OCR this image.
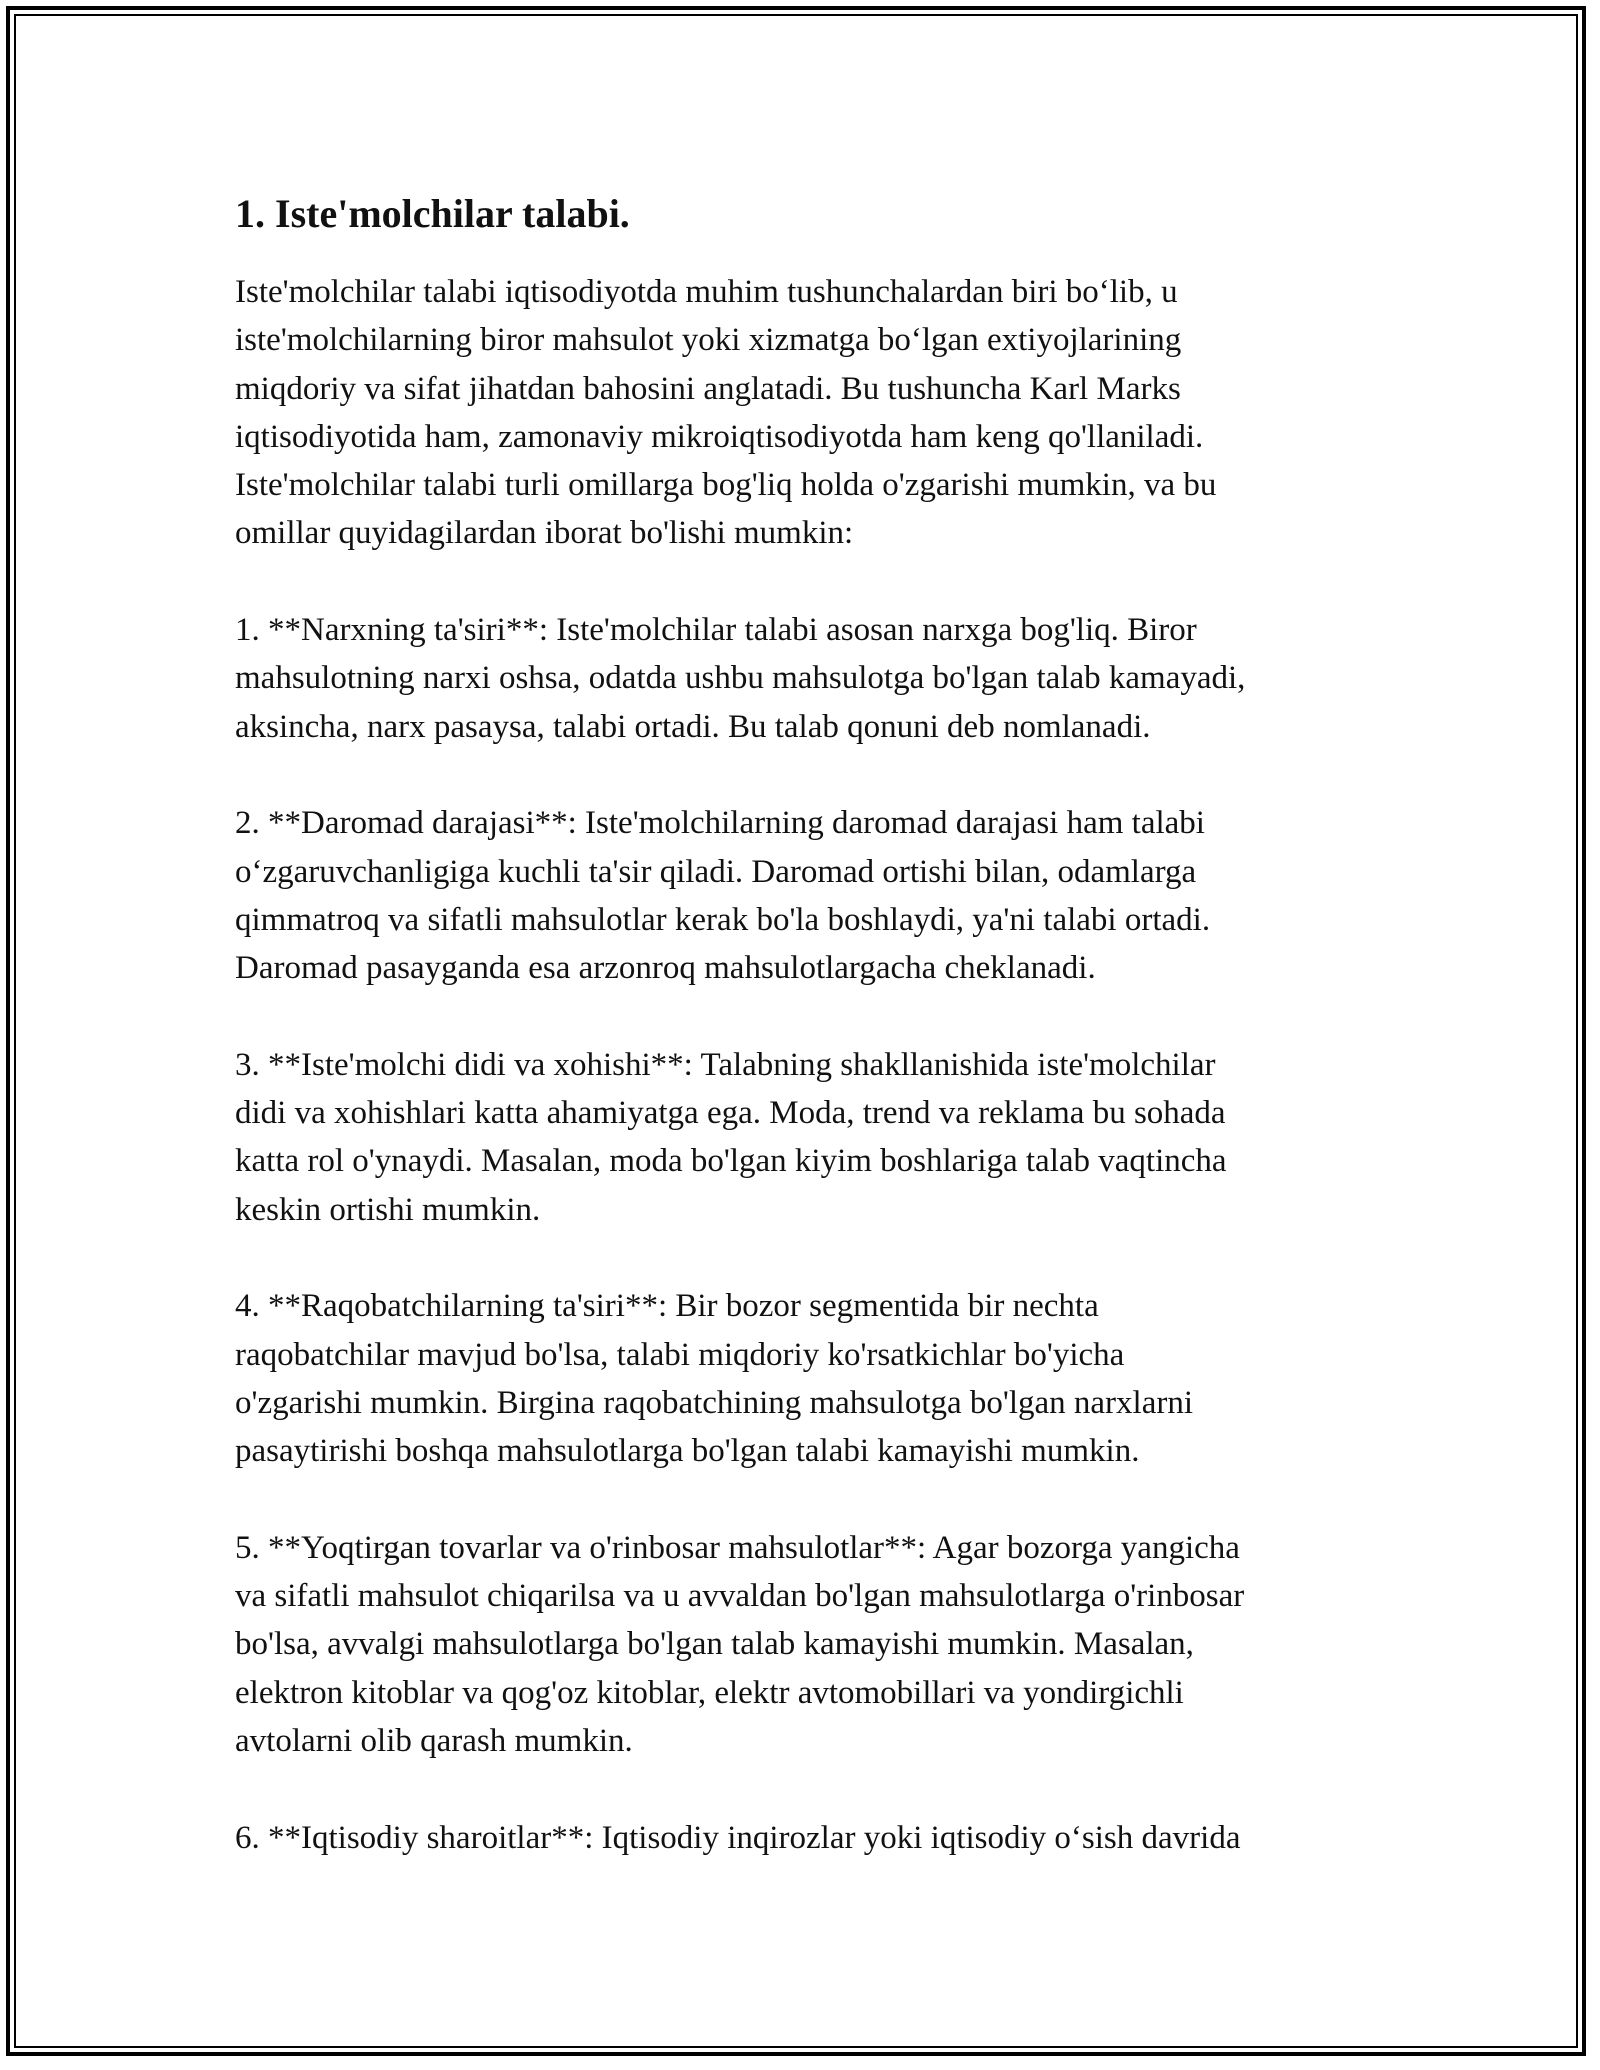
1. Iste'molchilar talabi.
Iste'molchilar talabi iqtisodiyotda muhim tushunchalardan biri bo‘lib, u
iste'molchilarning biror mahsulot yoki xizmatga bo‘lgan extiyojlarining
miqdoriy va sifat jihatdan bahosini anglatadi. Bu tushuncha Karl Marks
iqtisodiyotida ham, zamonaviy mikroiqtisodiyotda ham keng qo'llaniladi.
Iste'molchilar talabi turli omillarga bog'liq holda o'zgarishi mumkin, va bu
omillar quyidagilardan iborat bo'lishi mumkin:
1. **Narxning ta'siri**: Iste'molchilar talabi asosan narxga bog'liq. Biror
mahsulotning narxi oshsa, odatda ushbu mahsulotga bo'lgan talab kamayadi,
aksincha, narx pasaysa, talabi ortadi. Bu talab qonuni deb nomlanadi.
2. **Daromad darajasi**: Iste'molchilarning daromad darajasi ham talabi
o‘zgaruvchanligiga kuchli ta'sir qiladi. Daromad ortishi bilan, odamlarga
qimmatroq va sifatli mahsulotlar kerak bo'la boshlaydi, ya'ni talabi ortadi.
Daromad pasayganda esa arzonroq mahsulotlargacha cheklanadi.
3. **Iste'molchi didi va xohishi**: Talabning shakllanishida iste'molchilar
didi va xohishlari katta ahamiyatga ega. Moda, trend va reklama bu sohada
katta rol o'ynaydi. Masalan, moda bo'lgan kiyim boshlariga talab vaqtincha
keskin ortishi mumkin.
4. **Raqobatchilarning ta'siri**: Bir bozor segmentida bir nechta
raqobatchilar mavjud bo'lsa, talabi miqdoriy ko'rsatkichlar bo'yicha
o'zgarishi mumkin. Birgina raqobatchining mahsulotga bo'lgan narxlarni
pasaytirishi boshqa mahsulotlarga bo'lgan talabi kamayishi mumkin.
5. **Yoqtirgan tovarlar va o'rinbosar mahsulotlar**: Agar bozorga yangicha
va sifatli mahsulot chiqarilsa va u avvaldan bo'lgan mahsulotlarga o'rinbosar
bo'lsa, avvalgi mahsulotlarga bo'lgan talab kamayishi mumkin. Masalan,
elektron kitoblar va qog'oz kitoblar, elektr avtomobillari va yondirgichli
avtolarni olib qarash mumkin.
6. **Iqtisodiy sharoitlar**: Iqtisodiy inqirozlar yoki iqtisodiy o‘sish davrida
